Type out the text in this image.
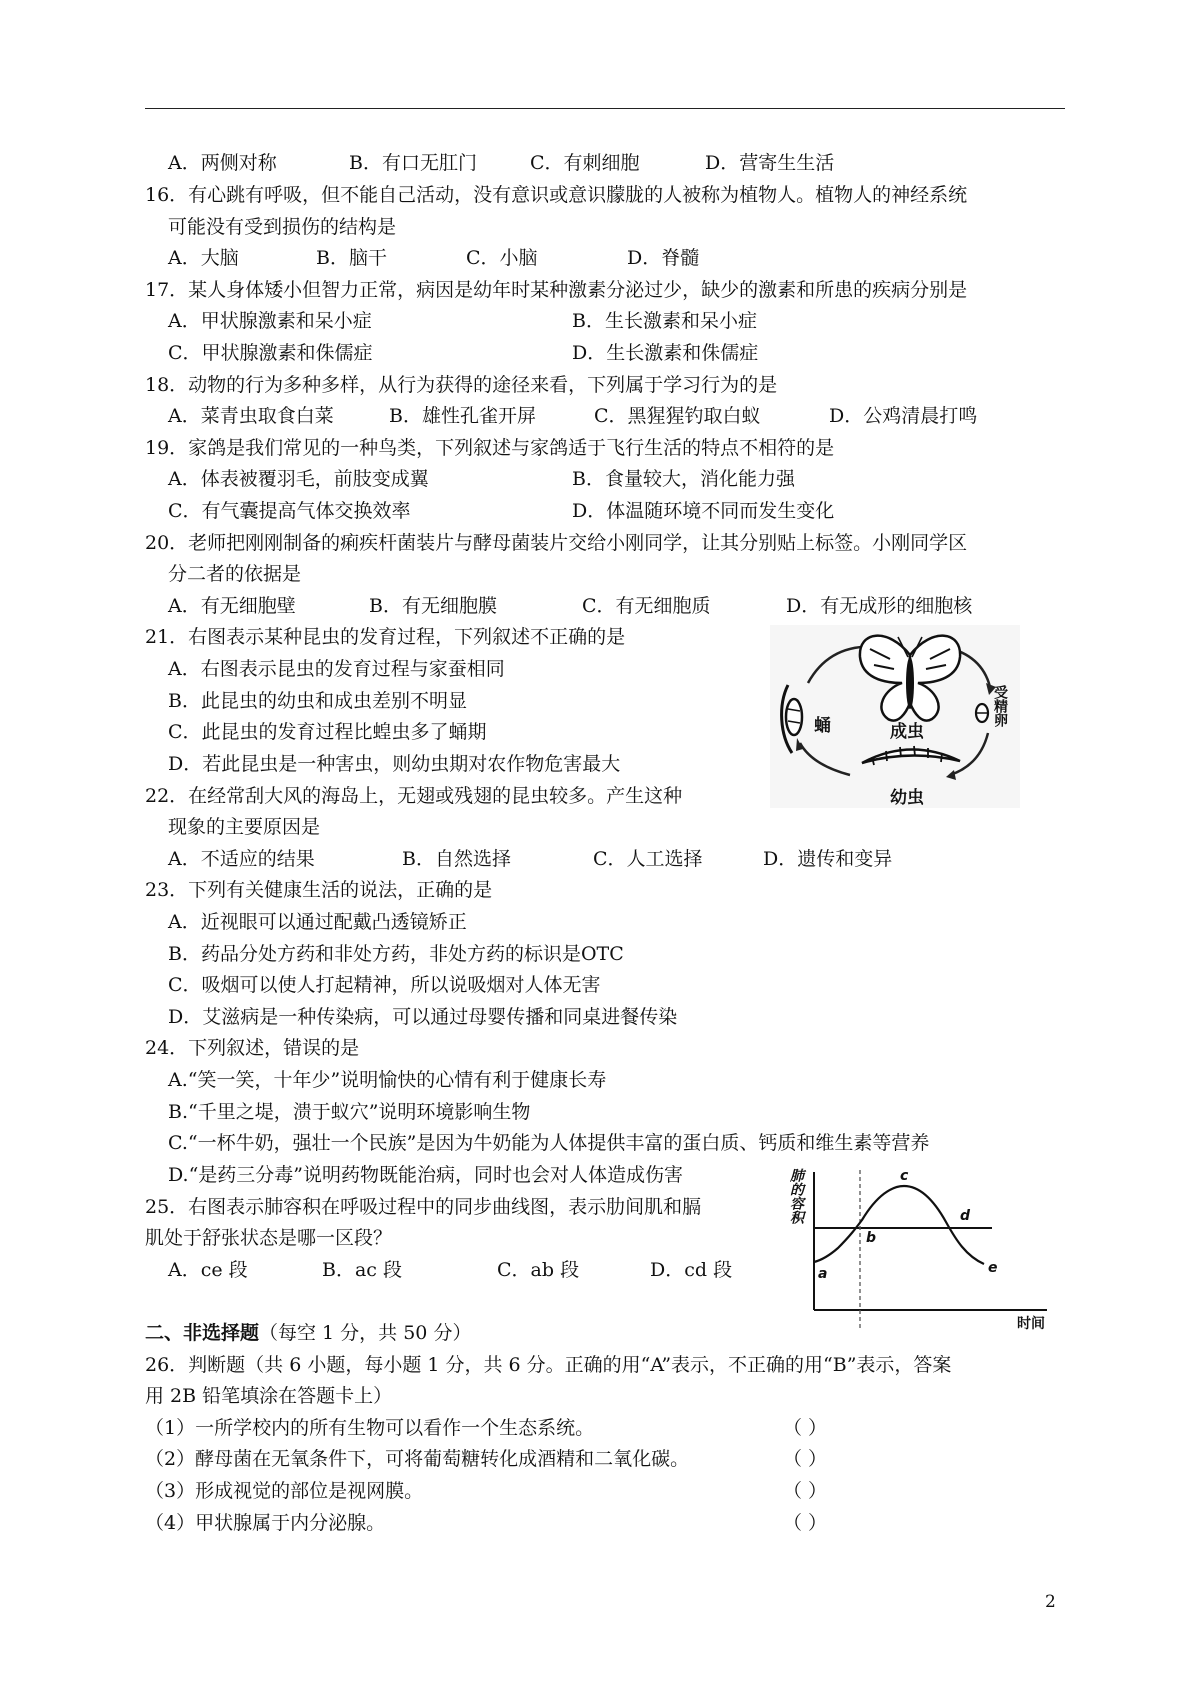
A．两侧对称	B．有口无肛门	C．有刺细胞	D．营寄生生活
16．有心跳有呼吸，但不能自己活动，没有意识或意识朦胧的人被称为植物人。植物人的神经系统
可能没有受到损伤的结构是
A．大脑	B．脑干	C．小脑	D．脊髓
17．某人身体矮小但智力正常，病因是幼年时某种激素分泌过少，缺少的激素和所患的疾病分别是
A．甲状腺激素和呆小症	B．生长激素和呆小症
C．甲状腺激素和侏儒症	D．生长激素和侏儒症
18．动物的行为多种多样，从行为获得的途径来看，下列属于学习行为的是
A．菜青虫取食白菜	B．雄性孔雀开屏	C．黑猩猩钓取白蚁	D．公鸡清晨打鸣
19．家鸽是我们常见的一种鸟类，下列叙述与家鸽适于飞行生活的特点不相符的是
A．体表被覆羽毛，前肢变成翼	B．食量较大，消化能力强
C．有气囊提高气体交换效率	D．体温随环境不同而发生变化
20．老师把刚刚制备的痢疾杆菌装片与酵母菌装片交给小刚同学，让其分别贴上标签。小刚同学区
分二者的依据是
A．有无细胞壁	B．有无细胞膜	C．有无细胞质	D．有无成形的细胞核
21．右图表示某种昆虫的发育过程，下列叙述不正确的是
A．右图表示昆虫的发育过程与家蚕相同
B．此昆虫的幼虫和成虫差别不明显
C．此昆虫的发育过程比蝗虫多了蛹期
D．若此昆虫是一种害虫，则幼虫期对农作物危害最大
蛹	成虫
受精卵
幼虫
22．在经常刮大风的海岛上，无翅或残翅的昆虫较多。产生这种
现象的主要原因是
A．不适应的结果	B．自然选择	C．人工选择	D．遗传和变异
23．下列有关健康生活的说法，正确的是
A．近视眼可以通过配戴凸透镜矫正
B．药品分处方药和非处方药，非处方药的标识是OTC
C．吸烟可以使人打起精神，所以说吸烟对人体无害
D．艾滋病是一种传染病，可以通过母婴传播和同桌进餐传染
24．下列叙述，错误的是
A.“笑一笑，十年少”说明愉快的心情有利于健康长寿
B.“千里之堤，溃于蚁穴”说明环境影响生物
C.“一杯牛奶，强壮一个民族”是因为牛奶能为人体提供丰富的蛋白质、钙质和维生素等营养
D.“是药三分毒”说明药物既能治病，同时也会对人体造成伤害
25．右图表示肺容积在呼吸过程中的同步曲线图，表示肋间肌和膈
肌处于舒张状态是哪一区段？
A．ce 段	B．ac 段	C．ab 段	D．cd 段
肺的容积
时间
a
b
c
d
e
二、非选择题（每空 1 分，共 50 分）
26．判断题（共 6 小题，每小题 1 分，共 6 分。正确的用“A”表示，不正确的用“B”表示，答案
用 2B 铅笔填涂在答题卡上）
（1）一所学校内的所有生物可以看作一个生态系统。	（ ）
（2）酵母菌在无氧条件下，可将葡萄糖转化成酒精和二氧化碳。	（ ）
（3）形成视觉的部位是视网膜。	（ ）
（4）甲状腺属于内分泌腺。	（ ）
2
